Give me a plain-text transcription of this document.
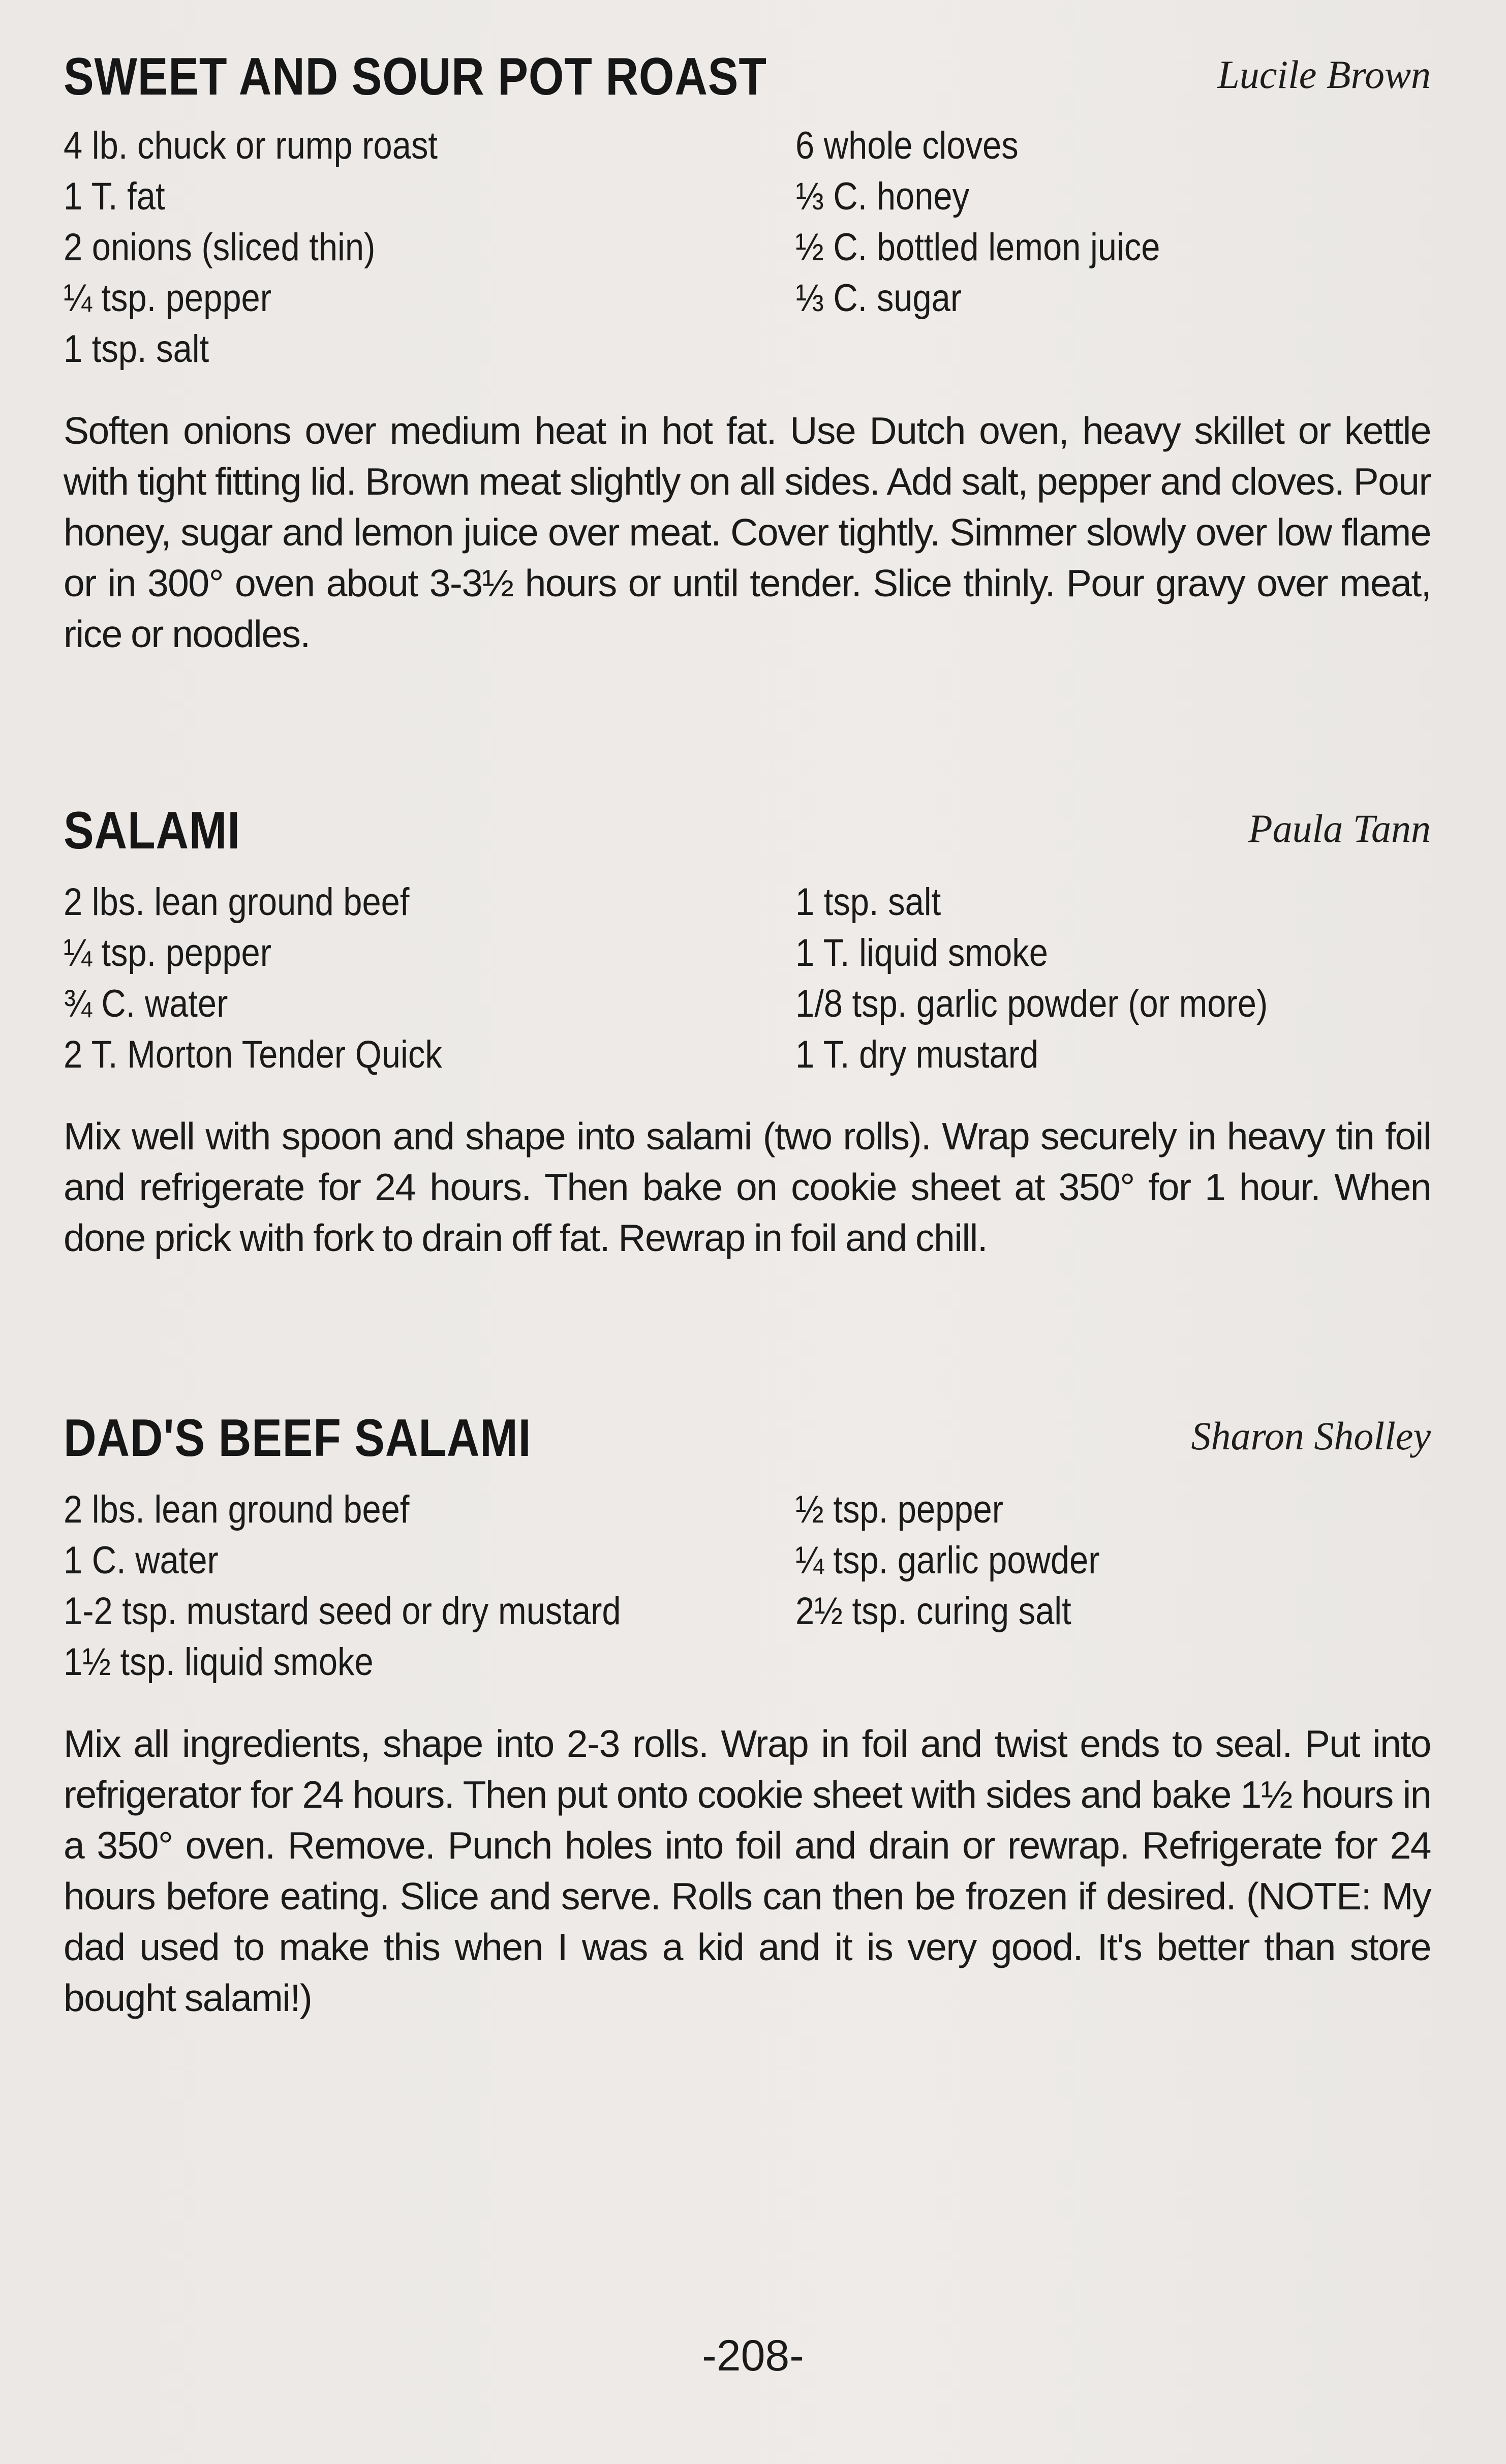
SWEET AND SOUR POT ROAST	Lucile Brown
4 lb. chuck or rump roast
1 T. fat
2 onions (sliced thin)
¼ tsp. pepper
1 tsp. salt
6 whole cloves
⅓ C. honey
½ C. bottled lemon juice
⅓ C. sugar

Soften onions over medium heat in hot fat. Use Dutch oven, heavy skillet or kettle with tight fitting lid. Brown meat slightly on all sides. Add salt, pepper and cloves. Pour honey, sugar and lemon juice over meat. Cover tightly. Simmer slowly over low flame or in 300° oven about 3-3½ hours or until tender. Slice thinly. Pour gravy over meat, rice or noodles.

SALAMI	Paula Tann
2 lbs. lean ground beef
¼ tsp. pepper
¾ C. water
2 T. Morton Tender Quick
1 tsp. salt
1 T. liquid smoke
1/8 tsp. garlic powder (or more)
1 T. dry mustard

Mix well with spoon and shape into salami (two rolls). Wrap securely in heavy tin foil and refrigerate for 24 hours. Then bake on cookie sheet at 350° for 1 hour. When done prick with fork to drain off fat. Rewrap in foil and chill.

DAD'S BEEF SALAMI	Sharon Sholley
2 lbs. lean ground beef
1 C. water
1-2 tsp. mustard seed or dry mustard
1½ tsp. liquid smoke
½ tsp. pepper
¼ tsp. garlic powder
2½ tsp. curing salt

Mix all ingredients, shape into 2-3 rolls. Wrap in foil and twist ends to seal. Put into refrigerator for 24 hours. Then put onto cookie sheet with sides and bake 1½ hours in a 350° oven. Remove. Punch holes into foil and drain or rewrap. Refrigerate for 24 hours before eating. Slice and serve. Rolls can then be frozen if desired. (NOTE: My dad used to make this when I was a kid and it is very good. It's better than store bought salami!)

-208-
